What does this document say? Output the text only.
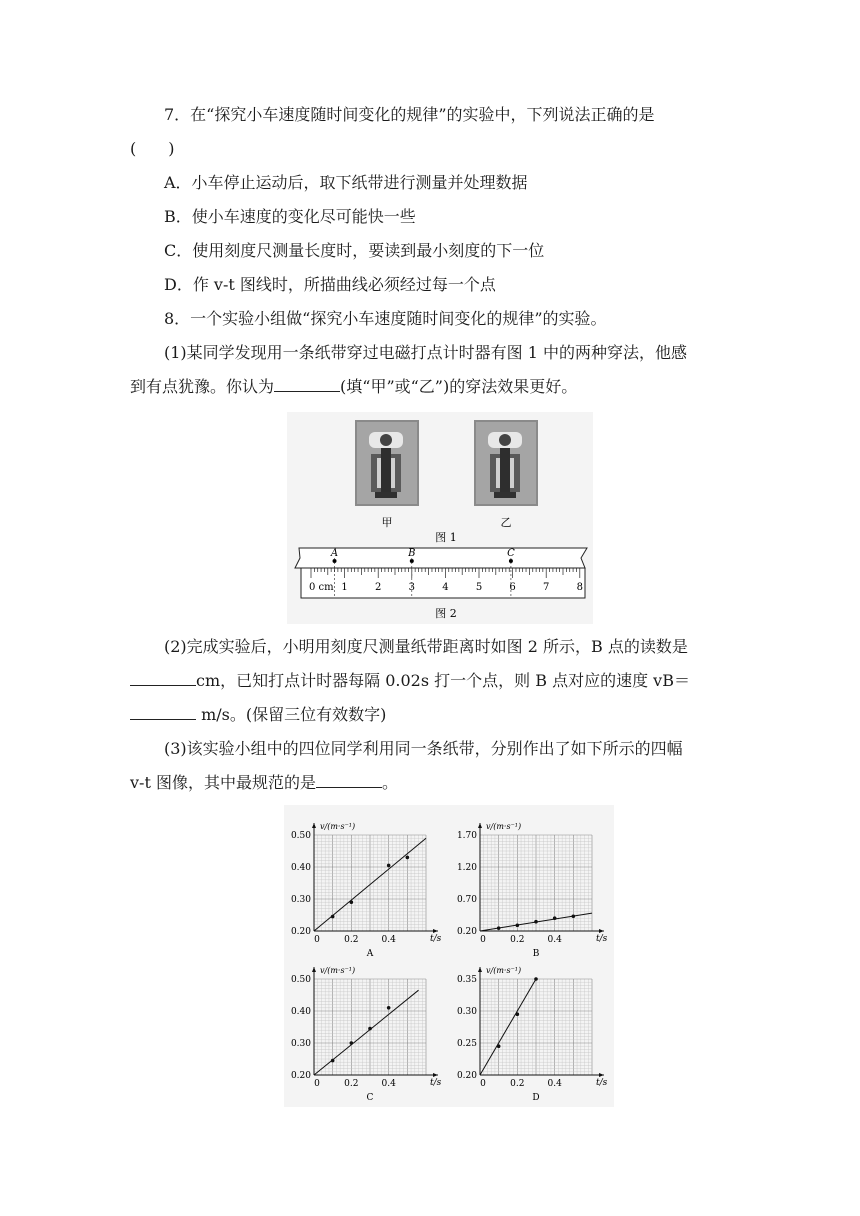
7．在“探究小车速度随时间变化的规律”的实验中，下列说法正确的是
(　　)
A．小车停止运动后，取下纸带进行测量并处理数据
B．使小车速度的变化尽可能快一些
C．使用刻度尺测量长度时，要读到最小刻度的下一位
D．作 v-t 图线时，所描曲线必须经过每一个点
8．一个实验小组做“探究小车速度随时间变化的规律”的实验。
(1)某同学发现用一条纸带穿过电磁打点计时器有图 1 中的两种穿法，他感
到有点犹豫。你认为	(填“甲”或“乙”)的穿法效果更好。
甲	乙
图 1
0 cm 1	2	3	4	5	6	7	8
A	B	C
图 2
(2)完成实验后，小明用刻度尺测量纸带距离时如图 2 所示，B 点的读数是
cm，已知打点计时器每隔 0.02s 打一个点，则 B 点对应的速度 vB＝
m/s。(保留三位有效数字)
(3)该实验小组中的四位同学利用同一条纸带，分别作出了如下所示的四幅
v-t 图像，其中最规范的是	。
0.20
0.30
0.40
0.50
0	0.2	0.4
v/(m·s⁻¹)
t/s
A
0.20
0.70
1.20
1.70
0	0.2	0.4
v/(m·s⁻¹)
t/s
B
0.20
0.30
0.40
0.50
0	0.2	0.4
v/(m·s⁻¹)
t/s
C
0.20
0.25
0.30
0.35
0	0.2	0.4
v/(m·s⁻¹)
t/s
D
